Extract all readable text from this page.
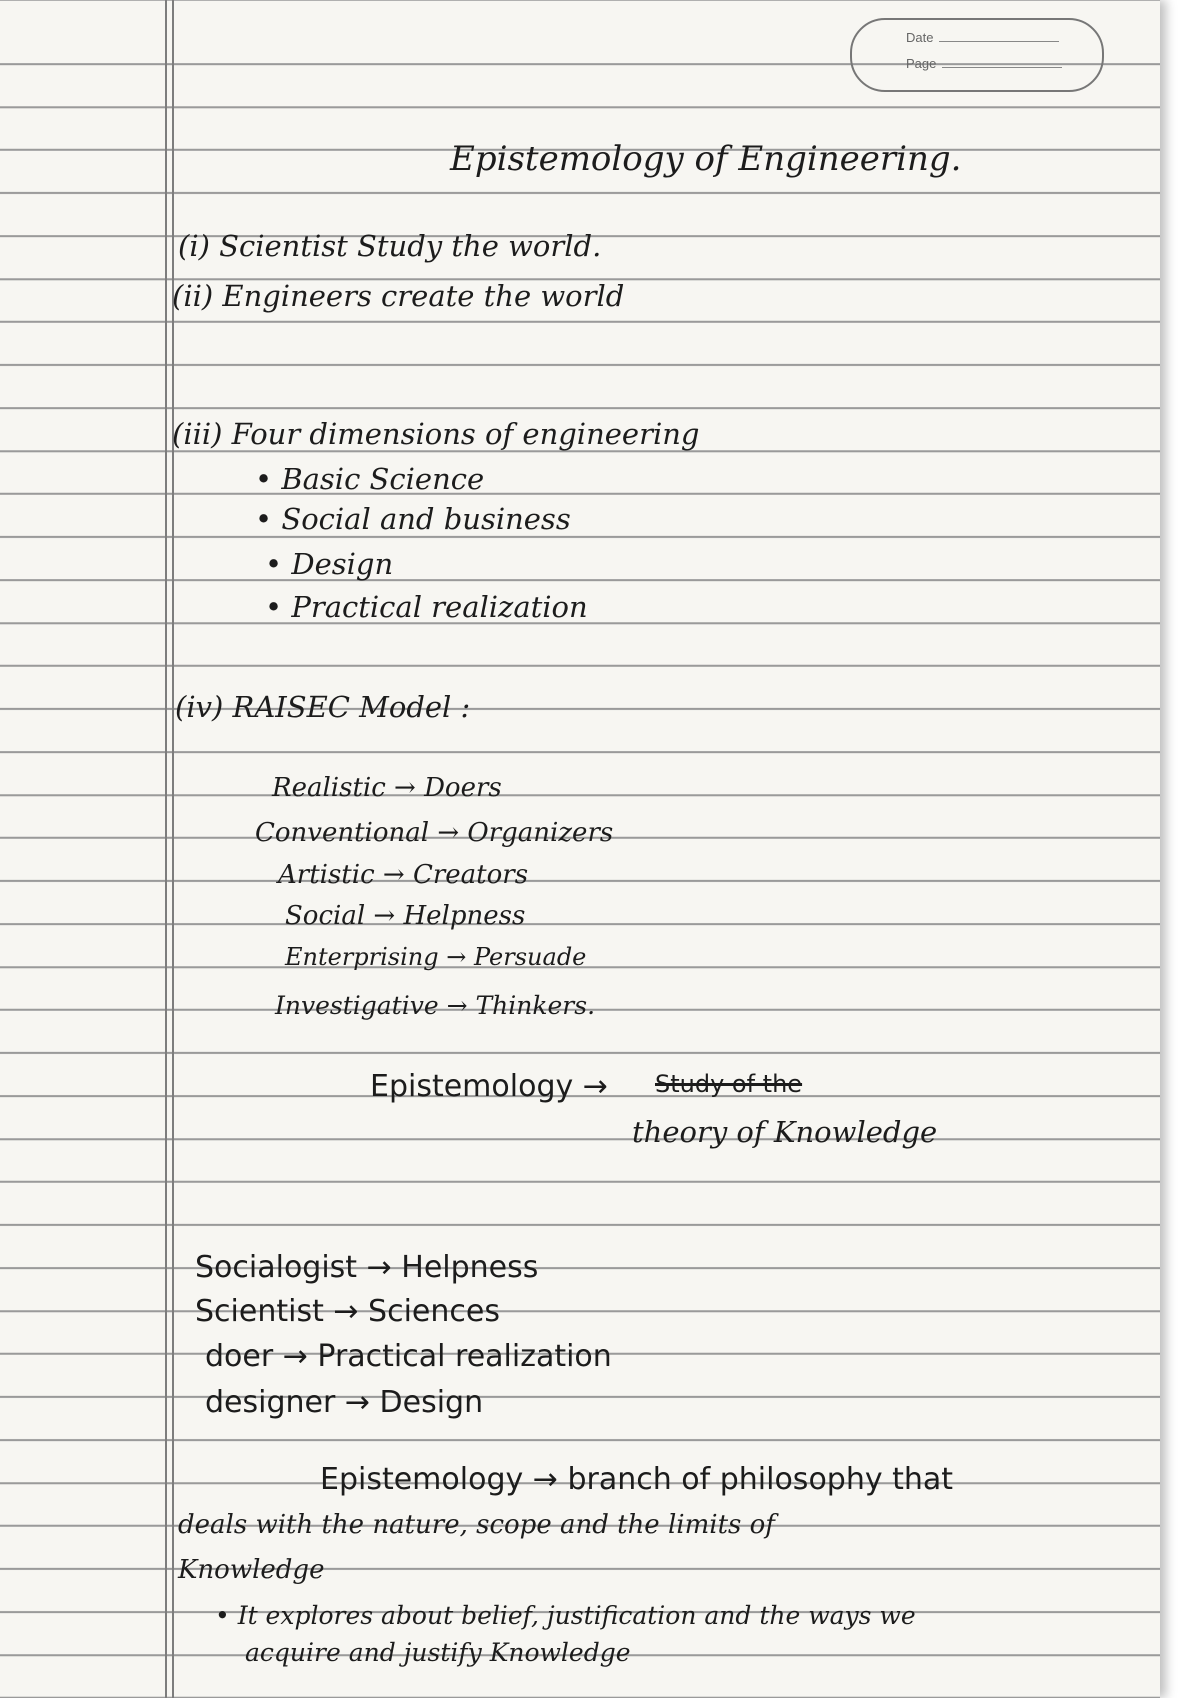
Date
Page
Epistemology of Engineering.
(i) Scientist Study the world.
(ii) Engineers create the world
(iii) Four dimensions of engineering
• Basic Science
• Social and business
• Design
• Practical realization
(iv) RAISEC Model :
Realistic → Doers
Conventional → Organizers
Artistic → Creators
Social → Helpness
Enterprising → Persuade
Investigative → Thinkers.
Epistemology → Study of the
theory of Knowledge
Socialogist → Helpness
Scientist → Sciences
doer → Practical realization
designer → Design
Epistemology → branch of philosophy that
deals with the nature, scope and the limits of
Knowledge
• It explores about belief, justification and the ways we
acquire and justify Knowledge
